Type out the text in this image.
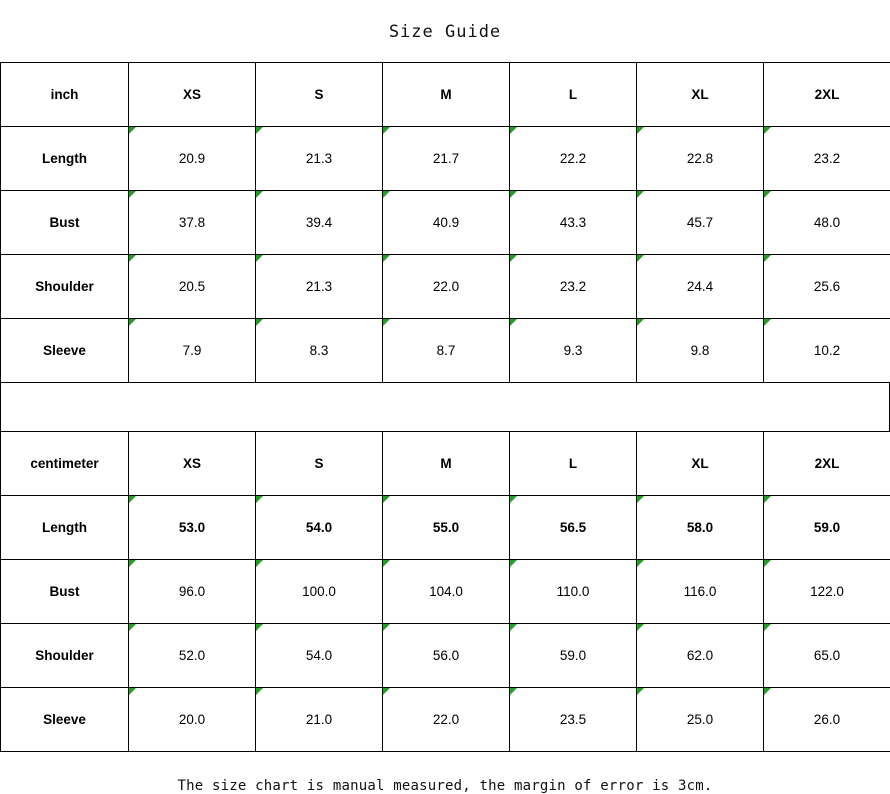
Size Guide
inch	XS	S	M	L	XL	2XL
Length	20.9	21.3	21.7	22.2	22.8	23.2
Bust	37.8	39.4	40.9	43.3	45.7	48.0
Shoulder	20.5	21.3	22.0	23.2	24.4	25.6
Sleeve	7.9	8.3	8.7	9.3	9.8	10.2
centimeter	XS	S	M	L	XL	2XL
Length	53.0	54.0	55.0	56.5	58.0	59.0
Bust	96.0	100.0	104.0	110.0	116.0	122.0
Shoulder	52.0	54.0	56.0	59.0	62.0	65.0
Sleeve	20.0	21.0	22.0	23.5	25.0	26.0
The size chart is manual measured, the margin of error is 3cm.
